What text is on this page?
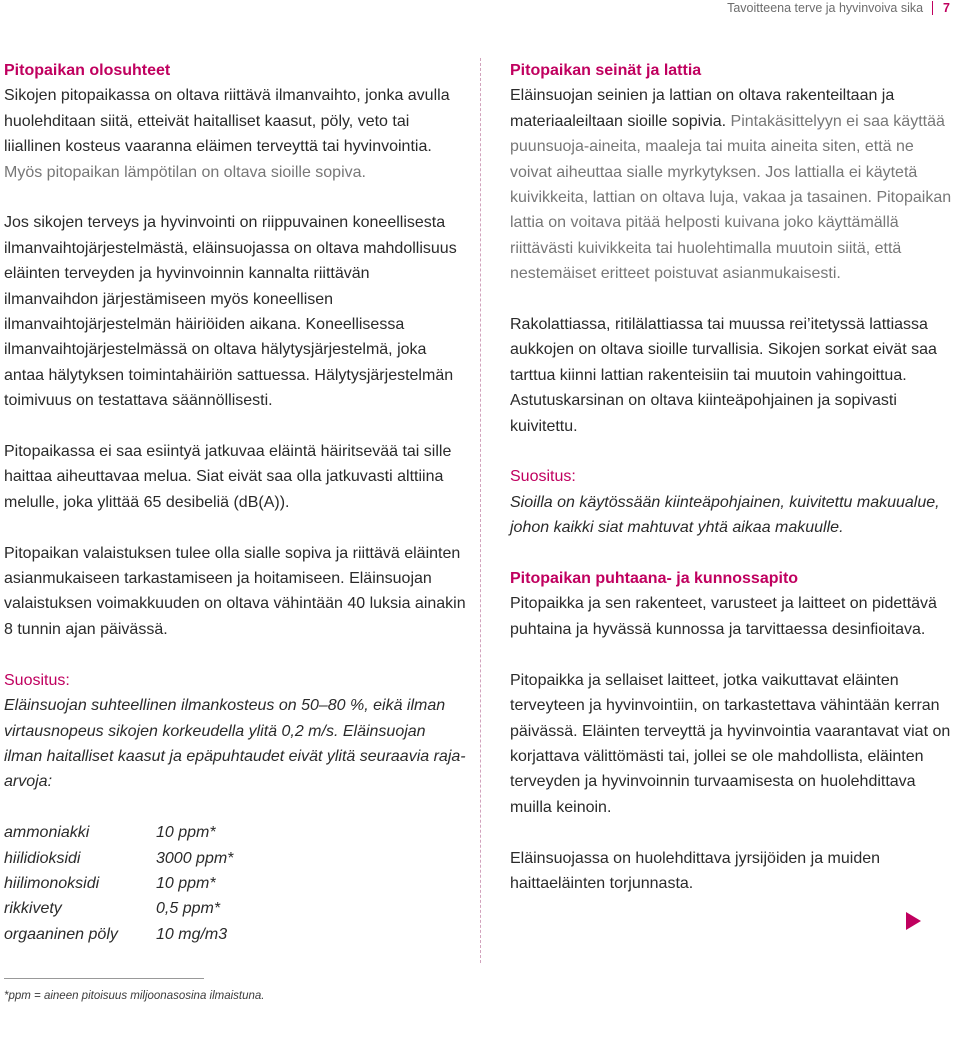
Tavoitteena terve ja hyvinvoiva sika 7
Pitopaikan olosuhteet

Sikojen pitopaikassa on oltava riittävä ilmanvaihto, jonka avulla huolehditaan siitä, etteivät haitalliset kaasut, pöly, veto tai liiallinen kosteus vaaranna eläimen terveyttä tai hyvinvointia. Myös pitopaikan lämpötilan on oltava sioille sopiva.

Jos sikojen terveys ja hyvinvointi on riippuvainen koneellisesta ilmanvaihtojärjestelmästä, eläinsuojassa on oltava mahdollisuus eläinten terveyden ja hyvinvoinnin kannalta riittävän ilmanvaihdon järjestämiseen myös koneellisen ilmanvaihtojärjestelmän häiriöiden aikana. Koneellisessa ilmanvaihtojärjestelmässä on oltava hälytysjärjestelmä, joka antaa hälytyksen toimintahäiriön sattuessa. Hälytysjärjestelmän toimivuus on testattava säännöllisesti.

Pitopaikassa ei saa esiintyä jatkuvaa eläintä häiritsevää tai sille haittaa aiheuttavaa melua. Siat eivät saa olla jatkuvasti alttiina melulle, joka ylittää 65 desibeliä (dB(A)).

Pitopaikan valaistuksen tulee olla sialle sopiva ja riittävä eläinten asianmukaiseen tarkastamiseen ja hoitamiseen. Eläinsuojan valaistuksen voimakkuuden on oltava vähintään 40 luksia ainakin 8 tunnin ajan päivässä.

Suositus:

Eläinsuojan suhteellinen ilmankosteus on 50–80 %, eikä ilman virtausnopeus sikojen korkeudella ylitä 0,2 m/s. Eläinsuojan ilman haitalliset kaasut ja epäpuhtaudet eivät ylitä seuraavia raja-arvoja:

ammoniakki	10 ppm*
hiilidioksidi	3000 ppm*
hiilimonoksidi	10 ppm*
rikkivety	0,5 ppm*
orgaaninen pöly	10 mg/m3
Pitopaikan seinät ja lattia

Eläinsuojan seinien ja lattian on oltava rakenteiltaan ja materiaaleiltaan sioille sopivia. Pintakäsittelyyn ei saa käyttää puunsuoja-aineita, maaleja tai muita aineita siten, että ne voivat aiheuttaa sialle myrkytyksen. Jos lattialla ei käytetä kuivikkeita, lattian on oltava luja, vakaa ja tasainen. Pitopaikan lattia on voitava pitää helposti kuivana joko käyttämällä riittävästi kuivikkeita tai huolehtimalla muutoin siitä, että nestemäiset eritteet poistuvat asianmukaisesti.

Rakolattiassa, ritilälattiassa tai muussa rei’itetyssä lattiassa aukkojen on oltava sioille turvallisia. Sikojen sorkat eivät saa tarttua kiinni lattian rakenteisiin tai muutoin vahingoittua. Astutuskarsinan on oltava kiinteäpohjainen ja sopivasti kuivitettu.

Suositus:

Sioilla on käytössään kiinteäpohjainen, kuivitettu makuualue, johon kaikki siat mahtuvat yhtä aikaa makuulle.

Pitopaikan puhtaana- ja kunnossapito

Pitopaikka ja sen rakenteet, varusteet ja laitteet on pidettävä puhtaina ja hyvässä kunnossa ja tarvittaessa desinfioitava.

Pitopaikka ja sellaiset laitteet, jotka vaikuttavat eläinten terveyteen ja hyvinvointiin, on tarkastettava vähintään kerran päivässä. Eläinten terveyttä ja hyvinvointia vaarantavat viat on korjattava välittömästi tai, jollei se ole mahdollista, eläinten terveyden ja hyvinvoinnin turvaamisesta on huolehdittava muilla keinoin.

Eläinsuojassa on huolehdittava jyrsijöiden ja muiden haittaeläinten torjunnasta.

*ppm = aineen pitoisuus miljoonasosina ilmaistuna.
